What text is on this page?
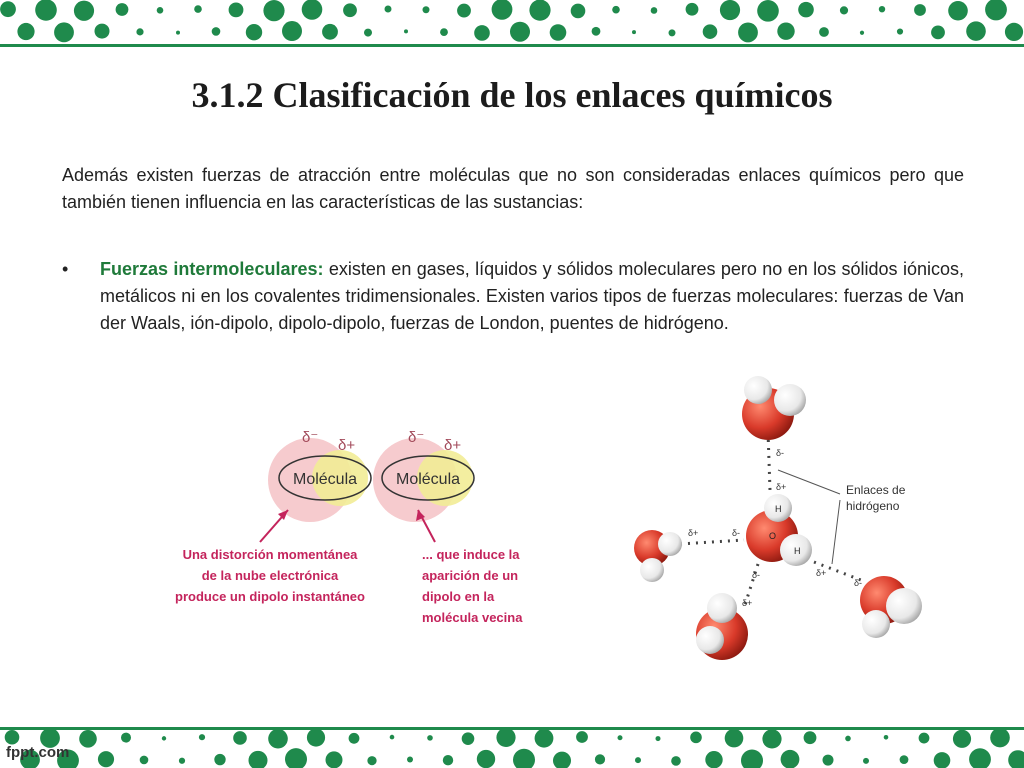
3.1.2 Clasificación de los enlaces químicos

Además existen fuerzas de atracción entre moléculas que no son consideradas enlaces químicos pero que también tienen influencia en las características de las sustancias:

• Fuerzas intermoleculares: existen en gases, líquidos y sólidos moleculares pero no en los sólidos iónicos, metálicos ni en los covalentes tridimensionales. Existen varios tipos de fuerzas moleculares: fuerzas de Van der Waals, ión-dipolo, dipolo-dipolo, fuerzas de London, puentes de hidrógeno.
Molécula
δ⁻ δ+
Molécula
δ⁻ δ+
Una distorción momentánea
de la nube electrónica
produce un dipolo instantáneo
... que induce la
aparición de un
dipolo en la
molécula vecina
H
O
H
δ-
δ+
δ+	δ-
δ+
δ-
δ-
δ+
Enlaces de
hidrógeno
fppt.com
